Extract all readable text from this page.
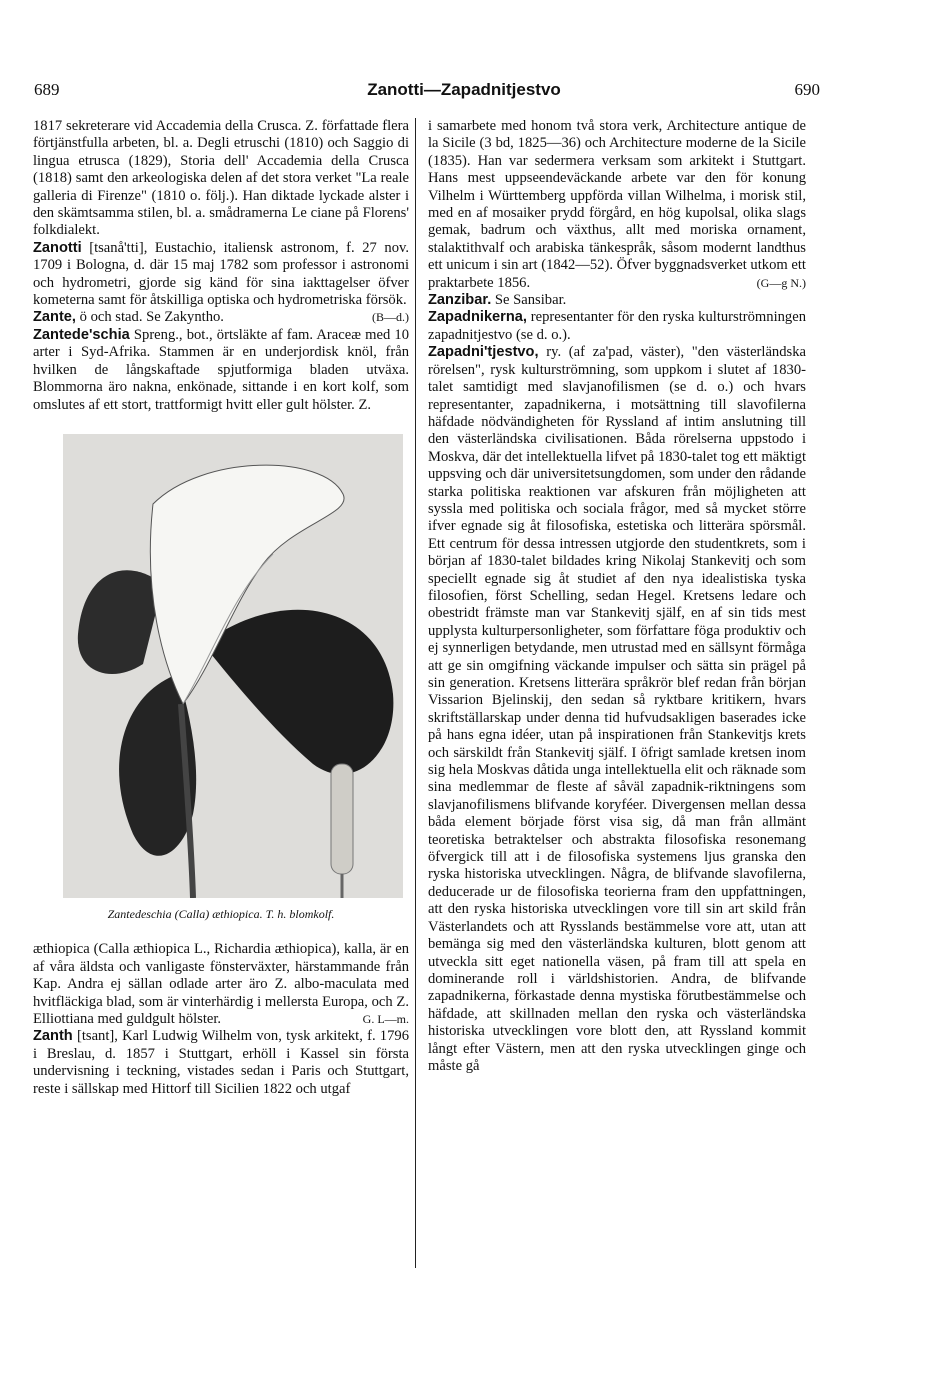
689	Zanotti—Zapadnitjestvo	690

1817 sekreterare vid Accademia della Crusca. Z. författade flera förtjänstfulla arbeten, bl. a. Degli etruschi (1810) och Saggio di lingua etrusca (1829), Storia dell' Accademia della Crusca (1818) samt den arkeologiska delen af det stora verket "La reale galleria di Firenze" (1810 o. följ.). Han diktade lyckade alster i den skämtsamma stilen, bl. a. smådramerna Le ciane på Florens' folkdialekt.

Zanotti [tsanå'tti], Eustachio, italiensk astronom, f. 27 nov. 1709 i Bologna, d. där 15 maj 1782 som professor i astronomi och hydrometri, gjorde sig känd för sina iakttagelser öfver kometerna samt för åtskilliga optiska och hydrometriska försök.
(B—d.)

Zante, ö och stad. Se Zakyntho.

Zantede'schia Spreng., bot., örtsläkte af fam. Araceæ med 10 arter i Syd-Afrika. Stammen är en underjordisk knöl, från hvilken de långskaftade spjutformiga bladen utväxa. Blommorna äro nakna, enkönade, sittande i en kort kolf, som omslutes af ett stort, trattformigt hvitt eller gult hölster. Z.

Zantedeschia (Calla) æthiopica. T. h. blomkolf.

æthiopica (Calla æthiopica L., Richardia æthiopica), kalla, är en af våra äldsta och vanligaste fönsterväxter, härstammande från Kap. Andra ej sällan odlade arter äro Z. albo-maculata med hvitfläckiga blad, som är vinterhärdig i mellersta Europa, och Z. Elliottiana med guldgult hölster.	G. L—m.

Zanth [tsant], Karl Ludwig Wilhelm von, tysk arkitekt, f. 1796 i Breslau, d. 1857 i Stuttgart, erhöll i Kassel sin första undervisning i teckning, vistades sedan i Paris och Stuttgart, reste i sällskap med Hittorf till Sicilien 1822 och utgaf

i samarbete med honom två stora verk, Architecture antique de la Sicile (3 bd, 1825—36) och Architecture moderne de la Sicile (1835). Han var sedermera verksam som arkitekt i Stuttgart. Hans mest uppseendeväckande arbete var den för konung Vilhelm i Württemberg uppförda villan Wilhelma, i morisk stil, med en af mosaiker prydd förgård, en hög kupolsal, olika slags gemak, badrum och växthus, allt med moriska ornament, stalaktithvalf och arabiska tänkespråk, såsom modernt landthus ett unicum i sin art (1842—52). Öfver byggnadsverket utkom ett praktarbete 1856.	(G—g N.)

Zanzibar. Se Sansibar.

Zapadnikerna, representanter för den ryska kulturströmningen zapadnitjestvo (se d. o.).

Zapadni'tjestvo, ry. (af za'pad, väster), "den västerländska rörelsen", rysk kulturströmning, som uppkom i slutet af 1830-talet samtidigt med slavjanofilismen (se d. o.) och hvars representanter, zapadnikerna, i motsättning till slavofilerna häfdade nödvändigheten för Ryssland af intim anslutning till den västerländska civilisationen. Båda rörelserna uppstodo i Moskva, där det intellektuella lifvet på 1830-talet tog ett mäktigt uppsving och där universitetsungdomen, som under den rådande starka politiska reaktionen var afskuren från möjligheten att syssla med politiska och sociala frågor, med så mycket större ifver egnade sig åt filosofiska, estetiska och litterära spörsmål. Ett centrum för dessa intressen utgjorde den studentkrets, som i början af 1830-talet bildades kring Nikolaj Stankevitj och som speciellt egnade sig åt studiet af den nya idealistiska tyska filosofien, först Schelling, sedan Hegel. Kretsens ledare och obestridt främste man var Stankevitj själf, en af sin tids mest upplysta kulturpersonligheter, som författare föga produktiv och ej synnerligen betydande, men utrustad med en sällsynt förmåga att ge sin omgifning väckande impulser och sätta sin prägel på sin generation. Kretsens litterära språkrör blef redan från början Vissarion Bjelinskij, den sedan så ryktbare kritikern, hvars skriftställarskap under denna tid hufvudsakligen baserades icke på hans egna idéer, utan på inspirationen från Stankevitjs krets och särskildt från Stankevitj själf. I öfrigt samlade kretsen inom sig hela Moskvas dåtida unga intellektuella elit och räknade som sina medlemmar de fleste af såväl zapadnik-riktningens som slavjanofilismens blifvande koryféer. Divergensen mellan dessa båda element började först visa sig, då man från allmänt teoretiska betraktelser och abstrakta filosofiska resonemang öfvergick till att i de filosofiska systemens ljus granska den ryska historiska utvecklingen. Några, de blifvande slavofilerna, deducerade ur de filosofiska teorierna fram den uppfattningen, att den ryska historiska utvecklingen vore till sin art skild från Västerlandets och att Rysslands bestämmelse vore att, utan att bemänga sig med den västerländska kulturen, blott genom att utveckla sitt eget nationella väsen, på fram till att spela en dominerande roll i världshistorien. Andra, de blifvande zapadnikerna, förkastade denna mystiska förutbestämmelse och häfdade, att skillnaden mellan den ryska och västerländska historiska utvecklingen vore blott den, att Ryssland kommit långt efter Västern, men att den ryska utvecklingen ginge och måste gå
